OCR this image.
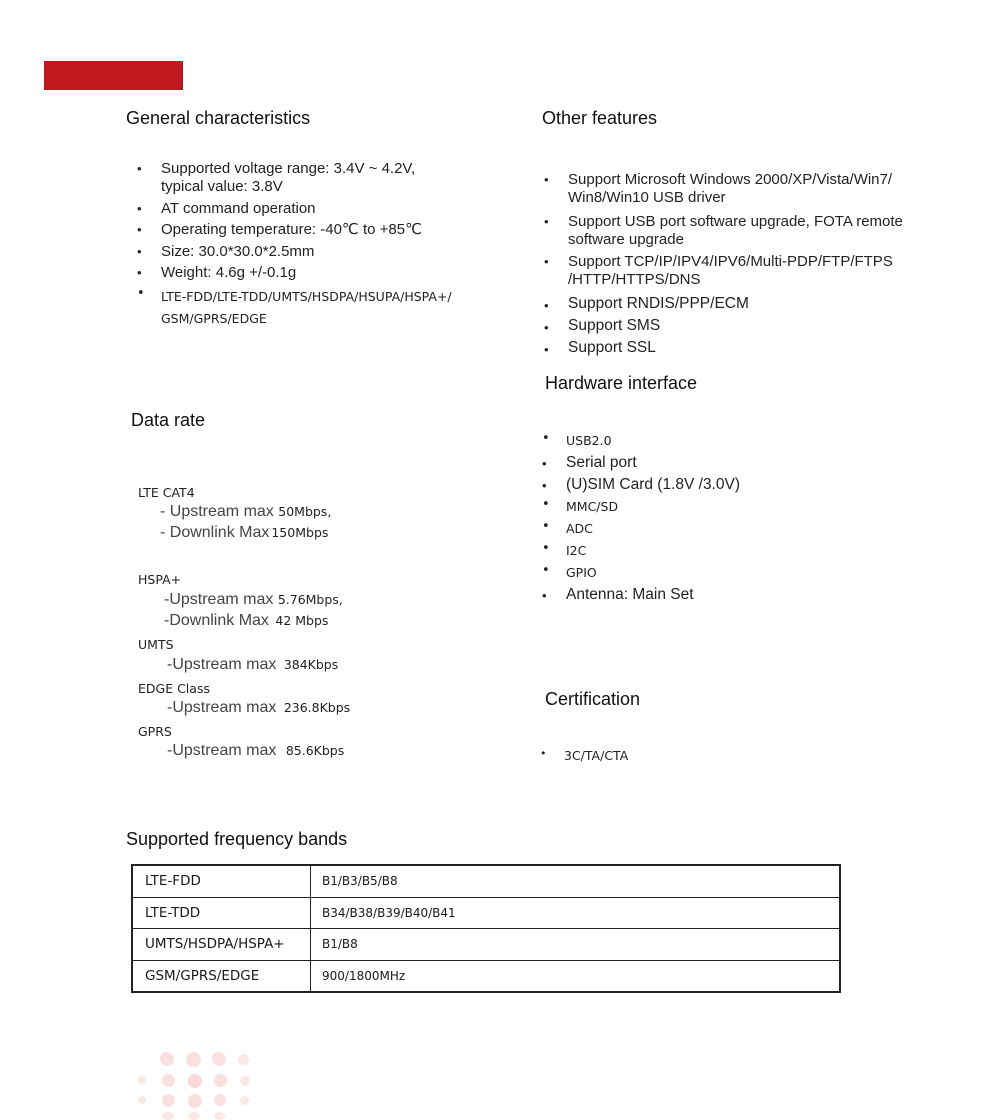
General characteristics
• Supported voltage range: 3.4V ~ 4.2V,
typical value: 3.8V
• AT command operation
• Operating temperature: -40℃ to +85℃
• Size: 30.0*30.0*2.5mm
• Weight: 4.6g +/-0.1g
• LTE-FDD/LTE-TDD/UMTS/HSDPA/HSUPA/HSPA+/
GSM/GPRS/EDGE
Other features
• Support Microsoft Windows 2000/XP/Vista/Win7/
Win8/Win10 USB driver
• Support USB port software upgrade, FOTA remote
software upgrade
• Support TCP/IP/IPV4/IPV6/Multi-PDP/FTP/FTPS
/HTTP/HTTPS/DNS
• Support RNDIS/PPP/ECM
• Support SMS
• Support SSL
Hardware interface
• USB2.0
• Serial port
• (U)SIM Card (1.8V /3.0V)
• MMC/SD
• ADC
• I2C
• GPIO
• Antenna: Main Set
Data rate
LTE CAT4
- Upstream max 50Mbps,
- Downlink Max 150Mbps
HSPA+
-Upstream max 5.76Mbps,
-Downlink Max 42 Mbps
UMTS
-Upstream max 384Kbps
EDGE Class
-Upstream max 236.8Kbps
GPRS
-Upstream max 85.6Kbps
Certification
• 3C/TA/CTA
Supported frequency bands
LTE-FDD	B1/B3/B5/B8
LTE-TDD	B34/B38/B39/B40/B41
UMTS/HSDPA/HSPA+	B1/B8
GSM/GPRS/EDGE	900/1800MHz
